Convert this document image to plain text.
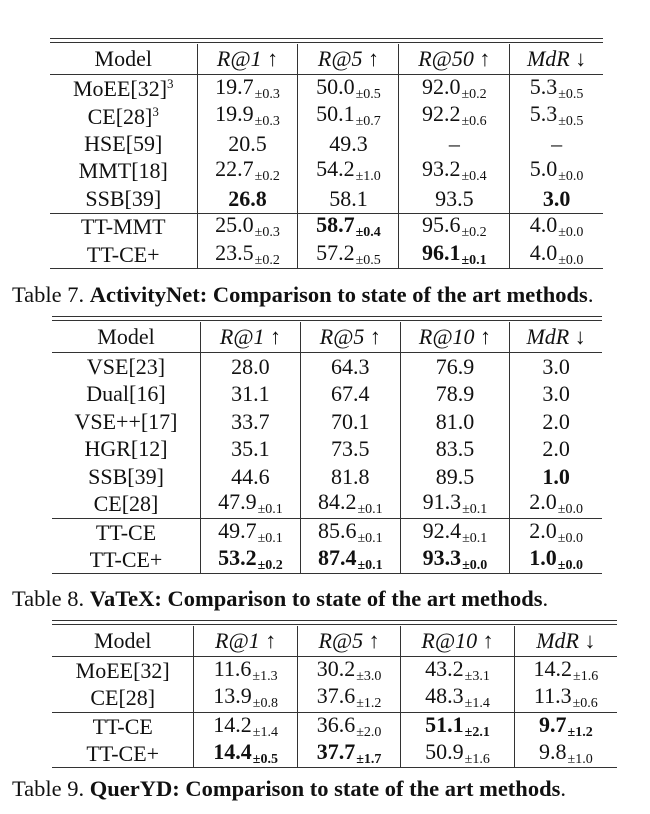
Model	R@1 ↑	R@5 ↑	R@50 ↑	MdR ↓
MoEE[32]$^3$	$19.7_{\pm 0.3}$	$50.0_{\pm 0.5}$	$92.0_{\pm 0.2}$	$5.3_{\pm 0.5}$
CE[28]$^3$	$19.9_{\pm 0.3}$	$50.1_{\pm 0.7}$	$92.2_{\pm 0.6}$	$5.3_{\pm 0.5}$
HSE[59]	20.5	49.3	–	–
MMT[18]	$22.7_{\pm 0.2}$	$54.2_{\pm 1.0}$	$93.2_{\pm 0.4}$	$5.0_{\pm 0.0}$
SSB[39]	26.8	58.1	93.5	3.0
TT-MMT	$25.0_{\pm 0.3}$	$58.7_{\pm 0.4}$	$95.6_{\pm 0.2}$	$4.0_{\pm 0.0}$
TT-CE+	$23.5_{\pm 0.2}$	$57.2_{\pm 0.5}$	$96.1_{\pm 0.1}$	$4.0_{\pm 0.0}$
Table 7. ActivityNet: Comparison to state of the art methods.
Model	R@1 ↑	R@5 ↑	R@10 ↑	MdR ↓
VSE[23]	28.0	64.3	76.9	3.0
Dual[16]	31.1	67.4	78.9	3.0
VSE++[17]	33.7	70.1	81.0	2.0
HGR[12]	35.1	73.5	83.5	2.0
SSB[39]	44.6	81.8	89.5	1.0
CE[28]	$47.9_{\pm 0.1}$	$84.2_{\pm 0.1}$	$91.3_{\pm 0.1}$	$2.0_{\pm 0.0}$
TT-CE	$49.7_{\pm 0.1}$	$85.6_{\pm 0.1}$	$92.4_{\pm 0.1}$	$2.0_{\pm 0.0}$
TT-CE+	$53.2_{\pm 0.2}$	$87.4_{\pm 0.1}$	$93.3_{\pm 0.0}$	$1.0_{\pm 0.0}$
Table 8. VaTeX: Comparison to state of the art methods.
Model	R@1 ↑	R@5 ↑	R@10 ↑	MdR ↓
MoEE[32]	$11.6_{\pm 1.3}$	$30.2_{\pm 3.0}$	$43.2_{\pm 3.1}$	$14.2_{\pm 1.6}$
CE[28]	$13.9_{\pm 0.8}$	$37.6_{\pm 1.2}$	$48.3_{\pm 1.4}$	$11.3_{\pm 0.6}$
TT-CE	$14.2_{\pm 1.4}$	$36.6_{\pm 2.0}$	$51.1_{\pm 2.1}$	$9.7_{\pm 1.2}$
TT-CE+	$14.4_{\pm 0.5}$	$37.7_{\pm 1.7}$	$50.9_{\pm 1.6}$	$9.8_{\pm 1.0}$
Table 9. QuerYD: Comparison to state of the art methods.
